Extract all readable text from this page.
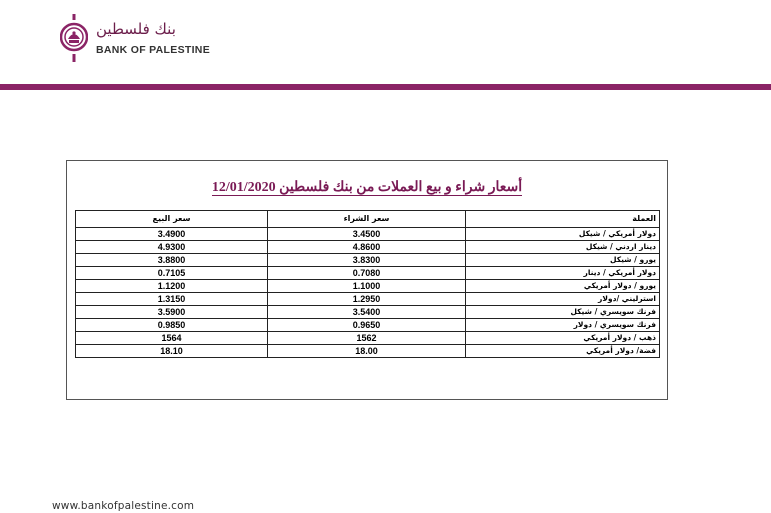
بنك فلسطين
BANK OF PALESTINE
أسعار شراء و بيع العملات من بنك فلسطين 12/01/2020
سعر البيع	سعر الشراء	العملة
3.4900	3.4500	دولار أمريكي / شيكل
4.9300	4.8600	دينار اردني / شيكل
3.8800	3.8300	يورو / شيكل
0.7105	0.7080	دولار أمريكي / دينار
1.1200	1.1000	يورو / دولار أمريكي
1.3150	1.2950	استرليني /دولار
3.5900	3.5400	فرنك سويسري / شيكل
0.9850	0.9650	فرنك سويسري / دولار
1564	1562	ذهب / دولار أمريكي
18.10	18.00	فضة/ دولار أمريكي
www.bankofpalestine.com
